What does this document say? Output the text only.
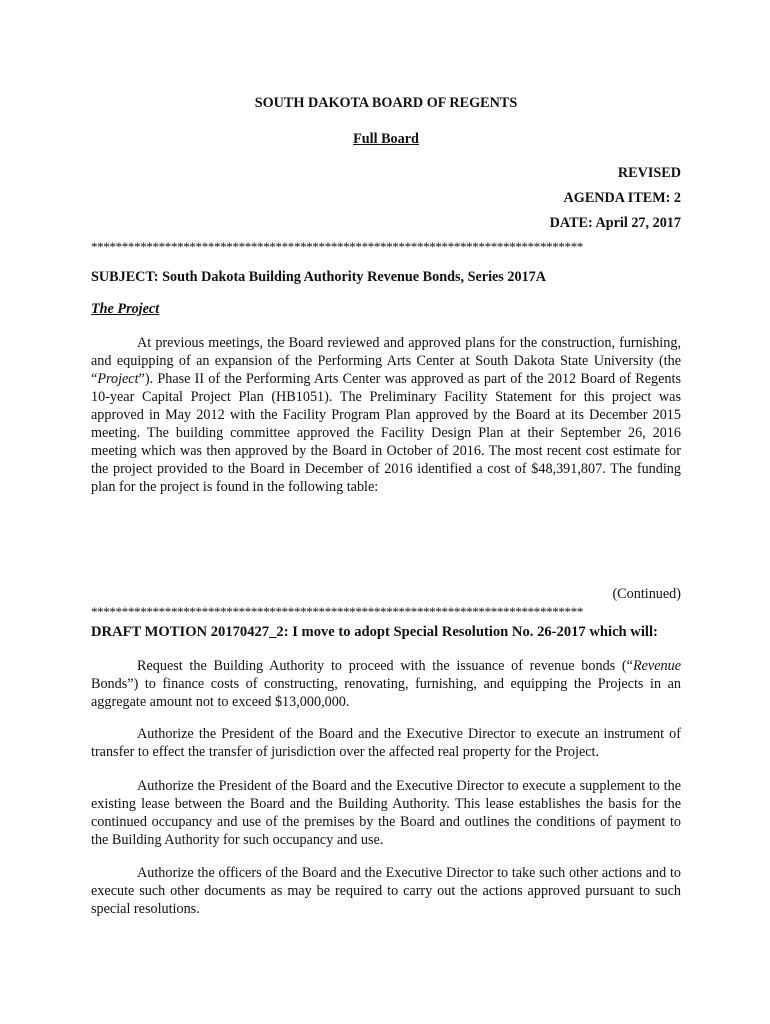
SOUTH DAKOTA BOARD OF REGENTS
Full Board
REVISED
AGENDA ITEM: 2
DATE: April 27, 2017
********************************************************************************
SUBJECT: South Dakota Building Authority Revenue Bonds, Series 2017A
The Project
At previous meetings, the Board reviewed and approved plans for the construction, furnishing, and equipping of an expansion of the Performing Arts Center at South Dakota State University (the “Project”). Phase II of the Performing Arts Center was approved as part of the 2012 Board of Regents 10-year Capital Project Plan (HB1051). The Preliminary Facility Statement for this project was approved in May 2012 with the Facility Program Plan approved by the Board at its December 2015 meeting. The building committee approved the Facility Design Plan at their September 26, 2016 meeting which was then approved by the Board in October of 2016. The most recent cost estimate for the project provided to the Board in December of 2016 identified a cost of $48,391,807. The funding plan for the project is found in the following table:
(Continued)
********************************************************************************
DRAFT MOTION 20170427_2: I move to adopt Special Resolution No. 26-2017 which will:
Request the Building Authority to proceed with the issuance of revenue bonds (“Revenue Bonds”) to finance costs of constructing, renovating, furnishing, and equipping the Projects in an aggregate amount not to exceed $13,000,000.
Authorize the President of the Board and the Executive Director to execute an instrument of transfer to effect the transfer of jurisdiction over the affected real property for the Project.
Authorize the President of the Board and the Executive Director to execute a supplement to the existing lease between the Board and the Building Authority. This lease establishes the basis for the continued occupancy and use of the premises by the Board and outlines the conditions of payment to the Building Authority for such occupancy and use.
Authorize the officers of the Board and the Executive Director to take such other actions and to execute such other documents as may be required to carry out the actions approved pursuant to such special resolutions.
